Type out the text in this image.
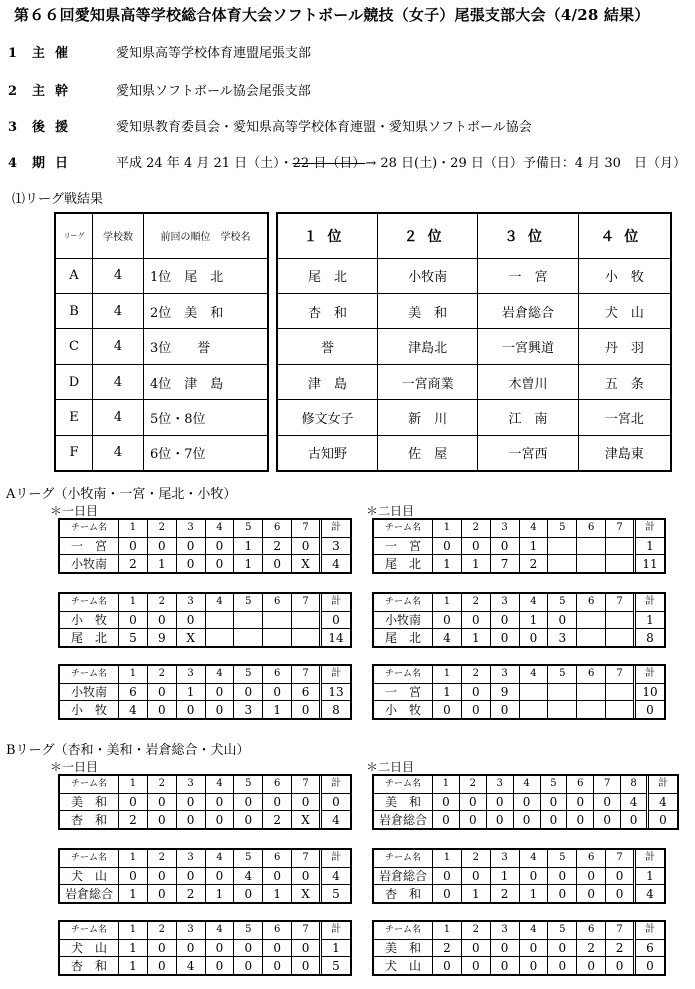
第６６回愛知県高等学校総合体育大会ソフトボール競技（女子）尾張支部大会（4/28 結果）
1 主催	愛知県高等学校体育連盟尾張支部
2 主幹	愛知県ソフトボール協会尾張支部
3 後援	愛知県教育委員会・愛知県高等学校体育連盟・愛知県ソフトボール協会
4 期日	平成 24 年 4 月 21 日（土）・22 日（日）→ 28 日(土)・29 日（日）予備日：4 月 30　日（月）
⑴リーグ戦結果
リーグ	学校数	前回の順位　学校名
A	4	1位　尾　北
B	4	2位　美　和
C	4	3位　　誉
D	4	4位　津　島
E	4	5位・8位
F	4	6位・7位
１位	２位	３位	４位
尾　北	小牧南	一　宮	小　牧
杏　和	美　和	岩倉総合	犬　山
誉	津島北	一宮興道	丹　羽
津　島	一宮商業	木曽川	五　条
修文女子	新　川	江　南	一宮北
古知野	佐　屋	一宮西	津島東
Aリーグ（小牧南・一宮・尾北・小牧）
＊一日目	＊二日目
チーム名	1	2	3	4	5	6	7	計
一　宮	0	0	0	0	1	2	0	3
小牧南	2	1	0	0	1	0	X	4
チーム名	1	2	3	4	5	6	7	計
一　宮	0	0	0	1				1
尾　北	1	1	7	2				11
チーム名	1	2	3	4	5	6	7	計
小　牧	0	0	0					0
尾　北	5	9	X					14
チーム名	1	2	3	4	5	6	7	計
小牧南	0	0	0	1	0			1
尾　北	4	1	0	0	3			8
チーム名	1	2	3	4	5	6	7	計
小牧南	6	0	1	0	0	0	6	13
小　牧	4	0	0	0	3	1	0	8
チーム名	1	2	3	4	5	6	7	計
一　宮	1	0	9					10
小　牧	0	0	0					0
Bリーグ（杏和・美和・岩倉総合・犬山）
＊一日目	＊二日目
チーム名	1	2	3	4	5	6	7	計
美　和	0	0	0	0	0	0	0	0
杏　和	2	0	0	0	0	2	X	4
チーム名	1	2	3	4	5	6	7	8	計
美　和	0	0	0	0	0	0	0	4	4
岩倉総合	0	0	0	0	0	0	0	0	0
チーム名	1	2	3	4	5	6	7	計
犬　山	0	0	0	0	4	0	0	4
岩倉総合	1	0	2	1	0	1	X	5
チーム名	1	2	3	4	5	6	7	計
岩倉総合	0	0	1	0	0	0	0	1
杏　和	0	1	2	1	0	0	0	4
チーム名	1	2	3	4	5	6	7	計
犬　山	1	0	0	0	0	0	0	1
杏　和	1	0	4	0	0	0	0	5
チーム名	1	2	3	4	5	6	7	計
美　和	2	0	0	0	0	2	2	6
犬　山	0	0	0	0	0	0	0	0
